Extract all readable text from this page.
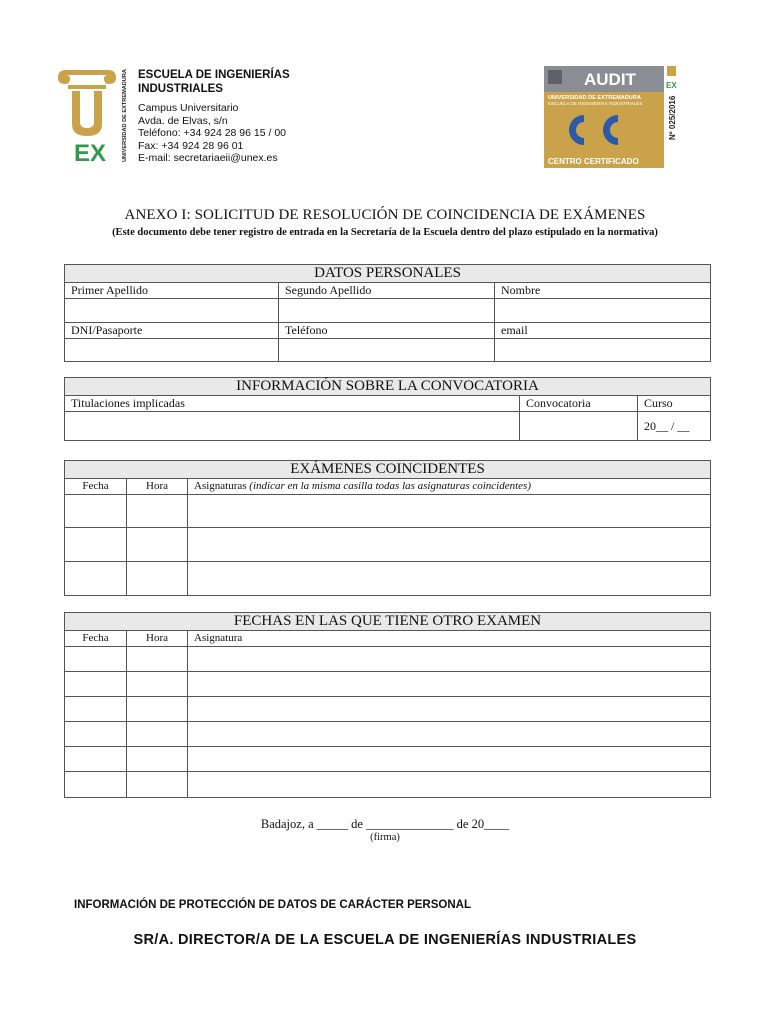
EX	UNIVERSIDAD DE EXTREMADURA ESCUELA DE INGENIERÍAS
INDUSTRIALES
Campus Universitario
Avda. de Elvas, s/n
Teléfono: +34 924 28 96 15 / 00
Fax: +34 924 28 96 01
E-mail: secretariaeii@unex.es
AUDIT
UNIVERSIDAD DE EXTREMADURA
ESCUELA DE INGENIERÍAS INDUSTRIALES
CENTRO CERTIFICADO
Nº 025/2016
EX
ANEXO I: SOLICITUD DE RESOLUCIÓN DE COINCIDENCIA DE EXÁMENES
(Este documento debe tener registro de entrada en la Secretaría de la Escuela dentro del plazo estipulado en la normativa)
DATOS PERSONALES		
Primer Apellido	Segundo Apellido	Nombre

DNI/Pasaporte	Teléfono	email

INFORMACIÓN SOBRE LA CONVOCATORIA		
Titulaciones implicadas	Convocatoria	Curso
		20__ / __
EXÁMENES COINCIDENTES		
Fecha	Hora	Asignaturas (indicar en la misma casilla todas las asignaturas coincidentes)

FECHAS EN LAS QUE TIENE OTRO EXAMEN		
Fecha	Hora	Asignatura

Badajoz, a _____ de ______________ de 20____
(firma)
INFORMACIÓN DE PROTECCIÓN DE DATOS DE CARÁCTER PERSONAL
SR/A. DIRECTOR/A DE LA ESCUELA DE INGENIERÍAS INDUSTRIALES
